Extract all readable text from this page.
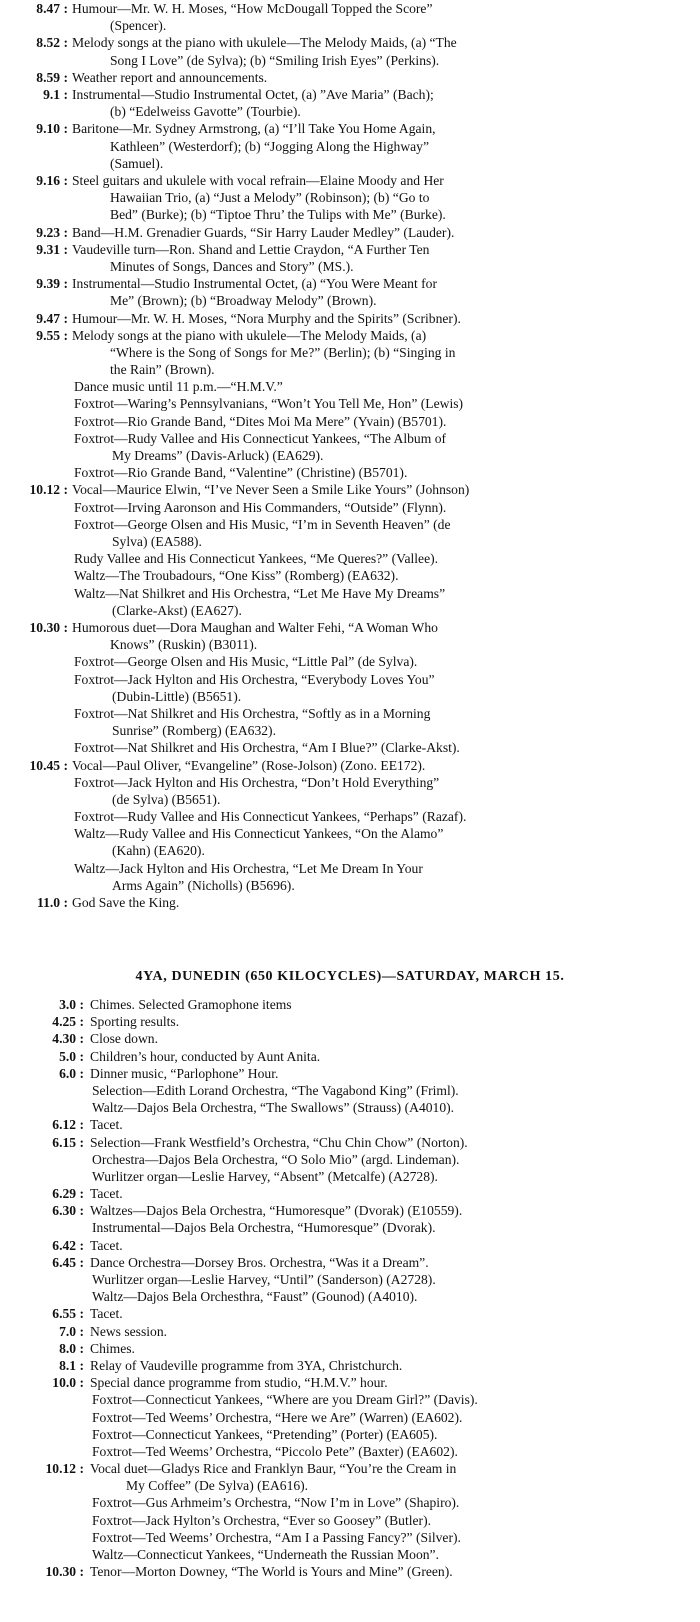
8.47 : Humour—Mr. W. H. Moses, “How McDougall Topped the Score”
(Spencer).
8.52 : Melody songs at the piano with ukulele—The Melody Maids, (a) “The
Song I Love” (de Sylva); (b) “Smiling Irish Eyes” (Perkins).
8.59 : Weather report and announcements.
9.1 : Instrumental—Studio Instrumental Octet, (a) ”Ave Maria” (Bach);
(b) “Edelweiss Gavotte” (Tourbie).
9.10 : Baritone—Mr. Sydney Armstrong, (a) “I’ll Take You Home Again,
Kathleen” (Westerdorf); (b) “Jogging Along the Highway”
(Samuel).
9.16 : Steel guitars and ukulele with vocal refrain—Elaine Moody and Her
Hawaiian Trio, (a) “Just a Melody” (Robinson); (b) “Go to
Bed” (Burke); (b) “Tiptoe Thru’ the Tulips with Me” (Burke).
9.23 : Band—H.M. Grenadier Guards, “Sir Harry Lauder Medley” (Lauder).
9.31 : Vaudeville turn—Ron. Shand and Lettie Craydon, “A Further Ten
Minutes of Songs, Dances and Story” (MS.).
9.39 : Instrumental—Studio Instrumental Octet, (a) “You Were Meant for
Me” (Brown); (b) “Broadway Melody” (Brown).
9.47 : Humour—Mr. W. H. Moses, “Nora Murphy and the Spirits” (Scribner).
9.55 : Melody songs at the piano with ukulele—The Melody Maids, (a)
“Where is the Song of Songs for Me?” (Berlin); (b) “Singing in
the Rain” (Brown).
Dance music until 11 p.m.—“H.M.V.”
Foxtrot—Waring’s Pennsylvanians, “Won’t You Tell Me, Hon” (Lewis)
Foxtrot—Rio Grande Band, “Dites Moi Ma Mere” (Yvain) (B5701).
Foxtrot—Rudy Vallee and His Connecticut Yankees, “The Album of
My Dreams” (Davis-Arluck) (EA629).
Foxtrot—Rio Grande Band, “Valentine” (Christine) (B5701).
10.12 : Vocal—Maurice Elwin, “I’ve Never Seen a Smile Like Yours” (Johnson)
Foxtrot—Irving Aaronson and His Commanders, “Outside” (Flynn).
Foxtrot—George Olsen and His Music, “I’m in Seventh Heaven” (de
Sylva) (EA588).
Rudy Vallee and His Connecticut Yankees, “Me Queres?” (Vallee).
Waltz—The Troubadours, “One Kiss” (Romberg) (EA632).
Waltz—Nat Shilkret and His Orchestra, “Let Me Have My Dreams”
(Clarke-Akst) (EA627).
10.30 : Humorous duet—Dora Maughan and Walter Fehi, “A Woman Who
Knows” (Ruskin) (B3011).
Foxtrot—George Olsen and His Music, “Little Pal” (de Sylva).
Foxtrot—Jack Hylton and His Orchestra, “Everybody Loves You”
(Dubin-Little) (B5651).
Foxtrot—Nat Shilkret and His Orchestra, “Softly as in a Morning
Sunrise” (Romberg) (EA632).
Foxtrot—Nat Shilkret and His Orchestra, “Am I Blue?” (Clarke-Akst).
10.45 : Vocal—Paul Oliver, “Evangeline” (Rose-Jolson) (Zono. EE172).
Foxtrot—Jack Hylton and His Orchestra, “Don’t Hold Everything”
(de Sylva) (B5651).
Foxtrot—Rudy Vallee and His Connecticut Yankees, “Perhaps” (Razaf).
Waltz—Rudy Vallee and His Connecticut Yankees, “On the Alamo”
(Kahn) (EA620).
Waltz—Jack Hylton and His Orchestra, “Let Me Dream In Your
Arms Again” (Nicholls) (B5696).
11.0 : God Save the King.
4YA, DUNEDIN (650 KILOCYCLES)—SATURDAY, MARCH 15.
3.0 : Chimes. Selected Gramophone items
4.25 : Sporting results.
4.30 : Close down.
5.0 : Children’s hour, conducted by Aunt Anita.
6.0 : Dinner music, “Parlophone” Hour.
Selection—Edith Lorand Orchestra, “The Vagabond King” (Friml).
Waltz—Dajos Bela Orchestra, “The Swallows” (Strauss) (A4010).
6.12 : Tacet.
6.15 : Selection—Frank Westfield’s Orchestra, “Chu Chin Chow” (Norton).
Orchestra—Dajos Bela Orchestra, “O Solo Mio” (argd. Lindeman).
Wurlitzer organ—Leslie Harvey, “Absent” (Metcalfe) (A2728).
6.29 : Tacet.
6.30 : Waltzes—Dajos Bela Orchestra, “Humoresque” (Dvorak) (E10559).
Instrumental—Dajos Bela Orchestra, “Humoresque” (Dvorak).
6.42 : Tacet.
6.45 : Dance Orchestra—Dorsey Bros. Orchestra, “Was it a Dream”.
Wurlitzer organ—Leslie Harvey, “Until” (Sanderson) (A2728).
Waltz—Dajos Bela Orchesthra, “Faust” (Gounod) (A4010).
6.55 : Tacet.
7.0 : News session.
8.0 : Chimes.
8.1 : Relay of Vaudeville programme from 3YA, Christchurch.
10.0 : Special dance programme from studio, “H.M.V.” hour.
Foxtrot—Connecticut Yankees, “Where are you Dream Girl?” (Davis).
Foxtrot—Ted Weems’ Orchestra, “Here we Are” (Warren) (EA602).
Foxtrot—Connecticut Yankees, “Pretending” (Porter) (EA605).
Foxtrot—Ted Weems’ Orchestra, “Piccolo Pete” (Baxter) (EA602).
10.12 : Vocal duet—Gladys Rice and Franklyn Baur, “You’re the Cream in
My Coffee” (De Sylva) (EA616).
Foxtrot—Gus Arhmeim’s Orchestra, “Now I’m in Love” (Shapiro).
Foxtrot—Jack Hylton’s Orchestra, “Ever so Goosey” (Butler).
Foxtrot—Ted Weems’ Orchestra, “Am I a Passing Fancy?” (Silver).
Waltz—Connecticut Yankees, “Underneath the Russian Moon”.
10.30 : Tenor—Morton Downey, “The World is Yours and Mine” (Green).
